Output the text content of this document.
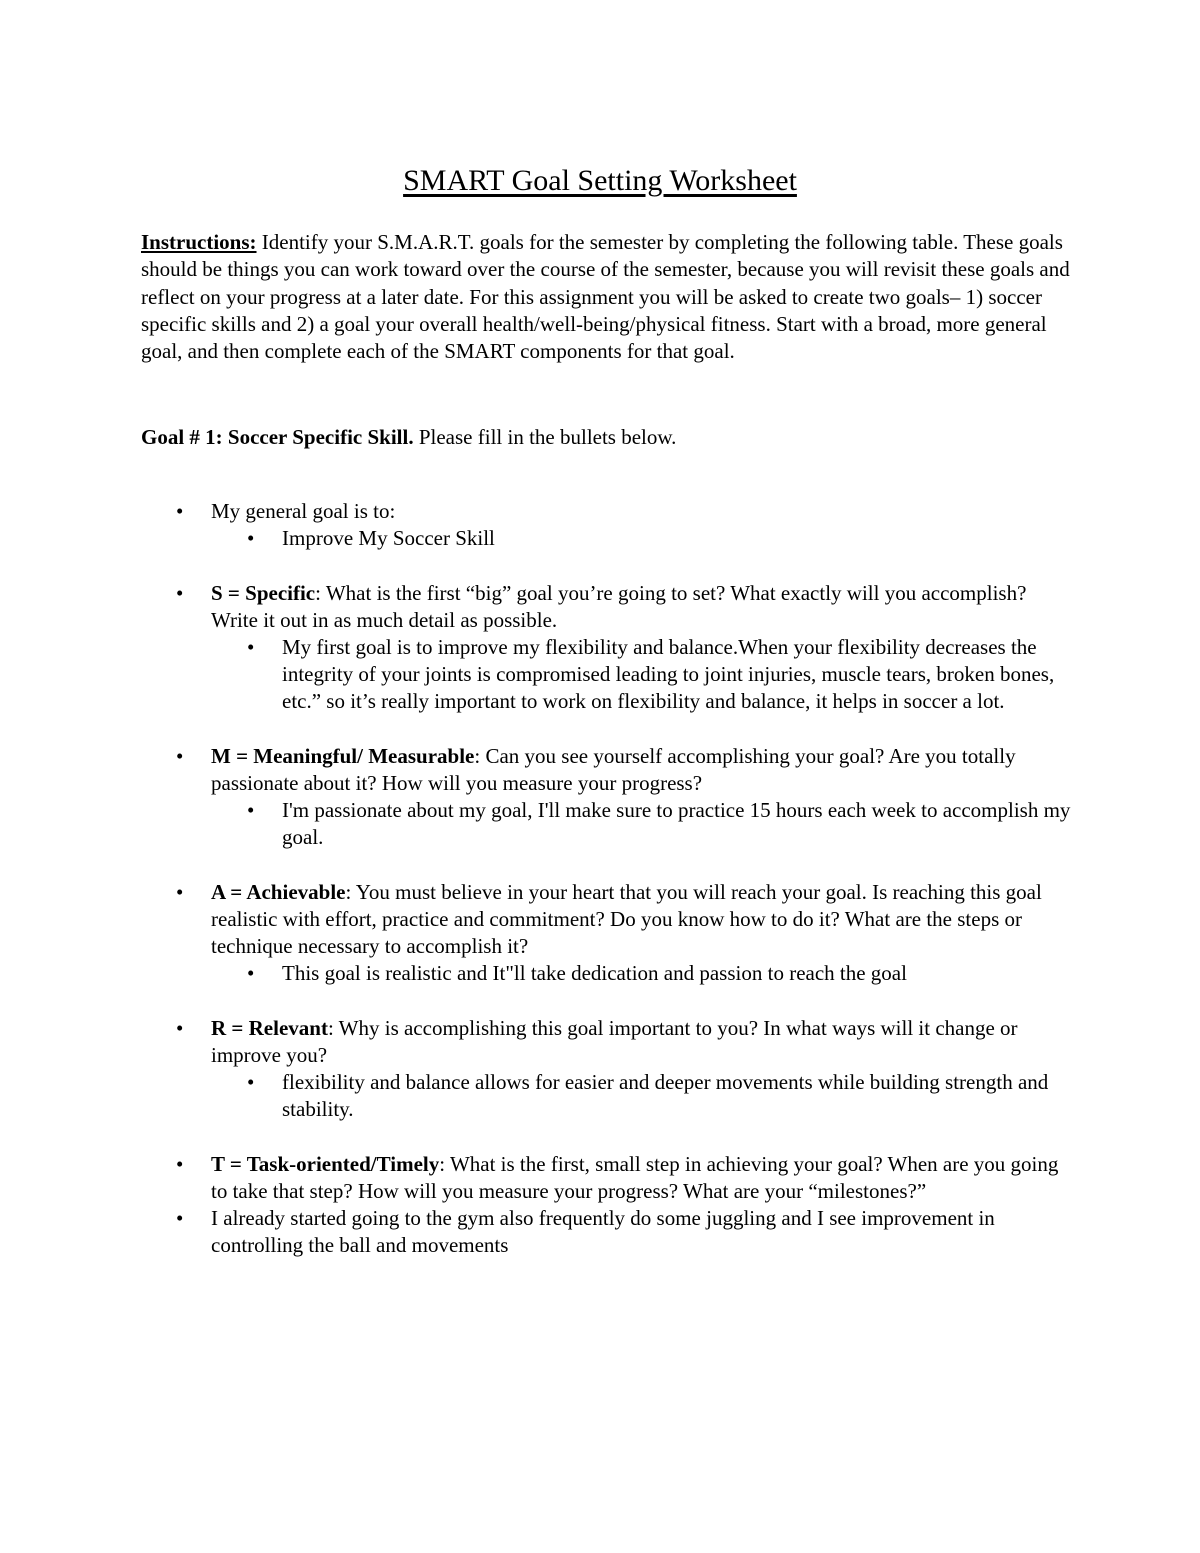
SMART Goal Setting Worksheet

Instructions: Identify your S.M.A.R.T. goals for the semester by completing the following table. These goals should be things you can work toward over the course of the semester, because you will revisit these goals and reflect on your progress at a later date. For this assignment you will be asked to create two goals– 1) soccer specific skills and 2) a goal your overall health/well-being/physical fitness. Start with a broad, more general goal, and then complete each of the SMART components for that goal.

Goal # 1: Soccer Specific Skill. Please fill in the bullets below.

•	My general goal is to:
• Improve My Soccer Skill
•	S = Specific: What is the first “big” goal you’re going to set? What exactly will you accomplish? Write it out in as much detail as possible.
• My first goal is to improve my flexibility and balance.When your flexibility decreases the integrity of your joints is compromised leading to joint injuries, muscle tears, broken bones, etc.” so it’s really important to work on flexibility and balance, it helps in soccer a lot.
•	M = Meaningful/ Measurable: Can you see yourself accomplishing your goal? Are you totally passionate about it? How will you measure your progress?
• I'm passionate about my goal, I'll make sure to practice 15 hours each week to accomplish my goal.
•	A = Achievable: You must believe in your heart that you will reach your goal. Is reaching this goal realistic with effort, practice and commitment? Do you know how to do it? What are the steps or technique necessary to accomplish it?
• This goal is realistic and It"ll take dedication and passion to reach the goal
•	R = Relevant: Why is accomplishing this goal important to you? In what ways will it change or improve you?
• flexibility and balance allows for easier and deeper movements while building strength and stability.
•	T = Task-oriented/Timely: What is the first, small step in achieving your goal? When are you going to take that step? How will you measure your progress? What are your “milestones?”
•	I already started going to the gym also frequently do some juggling and I see improvement in controlling the ball and movements
